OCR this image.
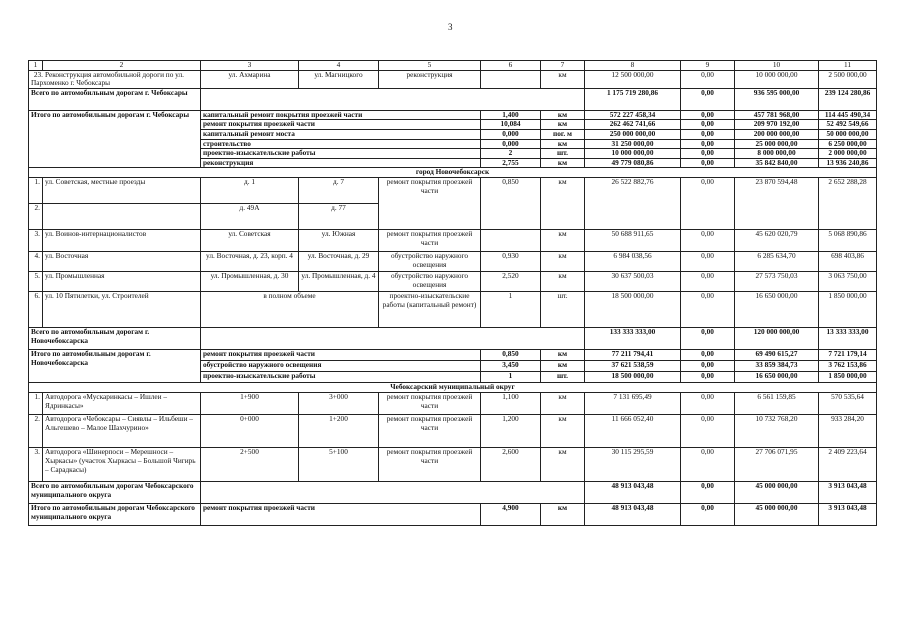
3
1	2	3	4	5	6	7	8	9	10	11
23. Реконструкция автомобильной дороги по ул. Пархоменко г. Чебоксары		ул. Ахмарина	ул. Магницкого	реконструкция		км	12 500 000,00	0,00	10 000 000,00	2 500 000,00
Всего по автомобильным дорогам г. Чебоксары							1 175 719 280,86	0,00	936 595 000,00	239 124 280,86
Итого по автомобильным дорогам г. Чебоксары		капитальный ремонт покрытия проезжей части			1,400	км	572 227 458,34	0,00	457 781 968,00	114 445 490,34
		ремонт покрытия проезжей части			10,084	км	262 462 741,66	0,00	209 970 192,00	52 492 549,66
		капитальный ремонт моста			0,000	пог. м	250 000 000,00	0,00	200 000 000,00	50 000 000,00
		строительство			0,000	км	31 250 000,00	0,00	25 000 000,00	6 250 000,00
		проектно-изыскательские работы			2	шт.	10 000 000,00	0,00	8 000 000,00	2 000 000,00
		реконструкция			2,755	км	49 779 080,86	0,00	35 842 840,00	13 936 240,86
город Новочебоксарск										
1.	ул. Советская, местные проезды	д. 1	д. 7	ремонт покрытия проезжей части	0,850	км	26 522 882,76	0,00	23 870 594,48	2 652 288,28
2.		д. 49А	д. 77							
3.	ул. Воинов-интернационалистов	ул. Советская	ул. Южная	ремонт покрытия проезжей части		км	50 688 911,65	0,00	45 620 020,79	5 068 890,86
4.	ул. Восточная	ул. Восточная, д. 23, корп. 4	ул. Восточная, д. 29	обустройство наружного освещения	0,930	км	6 984 038,56	0,00	6 285 634,70	698 403,86
5.	ул. Промышленная	ул. Промышленная, д. 30	ул. Промышленная, д. 4	обустройство наружного освещения	2,520	км	30 637 500,03	0,00	27 573 750,03	3 063 750,00
6.	ул. 10 Пятилетки, ул. Строителей	в полном объеме		проектно-изыскательские работы (капитальный ремонт)	1	шт.	18 500 000,00	0,00	16 650 000,00	1 850 000,00
Всего по автомобильным дорогам г. Новочебоксарска							133 333 333,00	0,00	120 000 000,00	13 333 333,00
Итого по автомобильным дорогам г. Новочебоксарска		ремонт покрытия проезжей части			0,850	км	77 211 794,41	0,00	69 490 615,27	7 721 179,14
		обустройство наружного освещения			3,450	км	37 621 538,59	0,00	33 859 384,73	3 762 153,86
		проектно-изыскательские работы			1	шт.	18 500 000,00	0,00	16 650 000,00	1 850 000,00
Чебоксарский муниципальный округ										
1.	Автодорога «Мускаринкасы – Ишлеи – Ядринкасы»	1+900	3+000	ремонт покрытия проезжей части	1,100	км	7 131 695,49	0,00	6 561 159,85	570 535,64
2.	Автодорога «Чебоксары – Сиявлы – Ильбеши – Альгешево – Малое Шахчурино»	0+000	1+200	ремонт покрытия проезжей части	1,200	км	11 666 052,40	0,00	10 732 768,20	933 284,20
3.	Автодорога «Шинерпоси – Мерешноси – Хыркасы» (участок Хыркасы – Большой Чигирь – Сарадкасы)	2+500	5+100	ремонт покрытия проезжей части	2,600	км	30 115 295,59	0,00	27 706 071,95	2 409 223,64
Всего по автомобильным дорогам Чебоксарского муниципального округа							48 913 043,48	0,00	45 000 000,00	3 913 043,48
Итого по автомобильным дорогам Чебоксарского муниципального округа		ремонт покрытия проезжей части			4,900	км	48 913 043,48	0,00	45 000 000,00	3 913 043,48
